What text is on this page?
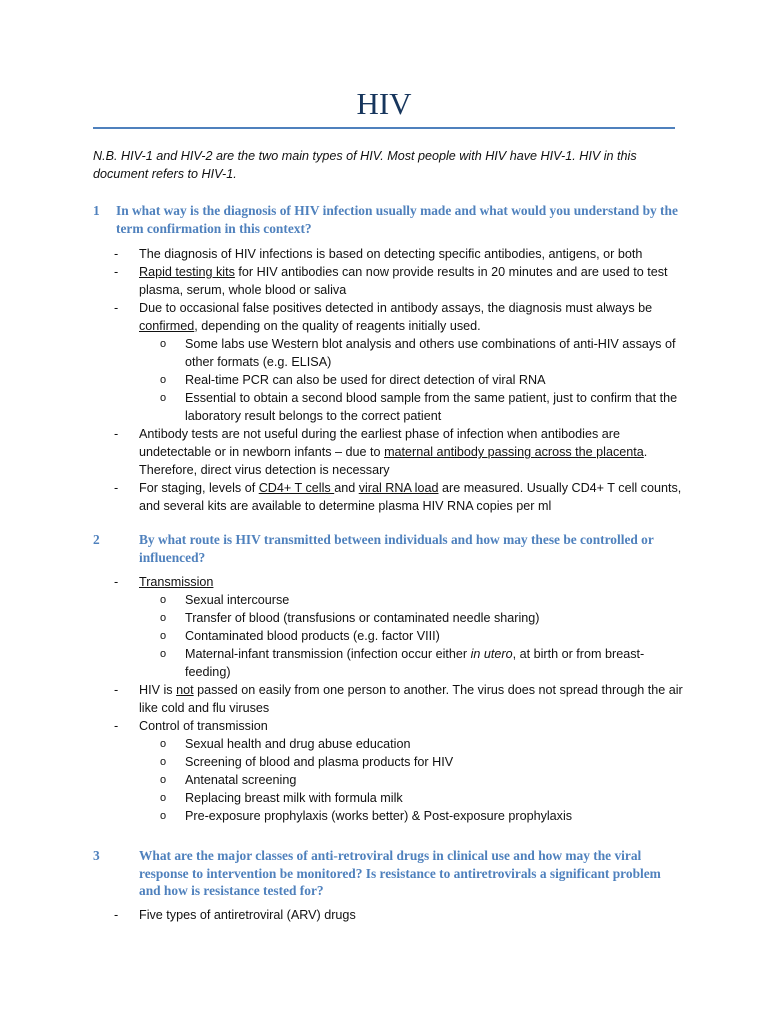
HIV
N.B. HIV-1 and HIV-2 are the two main types of HIV. Most people with HIV have HIV-1. HIV in this document refers to HIV-1.
1 In what way is the diagnosis of HIV infection usually made and what would you understand by the term confirmation in this context?

- The diagnosis of HIV infections is based on detecting specific antibodies, antigens, or both

- Rapid testing kits for HIV antibodies can now provide results in 20 minutes and are used to test plasma, serum, whole blood or saliva

- Due to occasional false positives detected in antibody assays, the diagnosis must always be confirmed, depending on the quality of reagents initially used.

o Some labs use Western blot analysis and others use combinations of anti-HIV assays of other formats (e.g. ELISA)

o Real-time PCR can also be used for direct detection of viral RNA

o Essential to obtain a second blood sample from the same patient, just to confirm that the laboratory result belongs to the correct patient

- Antibody tests are not useful during the earliest phase of infection when antibodies are undetectable or in newborn infants – due to maternal antibody passing across the placenta. Therefore, direct virus detection is necessary

- For staging, levels of CD4+ T cells and viral RNA load are measured. Usually CD4+ T cell counts, and several kits are available to determine plasma HIV RNA copies per ml

2	By what route is HIV transmitted between individuals and how may these be controlled or influenced?

- Transmission

o Sexual intercourse

o Transfer of blood (transfusions or contaminated needle sharing)

o Contaminated blood products (e.g. factor VIII)

o Maternal-infant transmission (infection occur either in utero, at birth or from breast-feeding)

- HIV is not passed on easily from one person to another. The virus does not spread through the air like cold and flu viruses

- Control of transmission

o Sexual health and drug abuse education

o Screening of blood and plasma products for HIV

o Antenatal screening

o Replacing breast milk with formula milk

o Pre-exposure prophylaxis (works better) & Post-exposure prophylaxis

3	What are the major classes of anti-retroviral drugs in clinical use and how may the viral response to intervention be monitored? Is resistance to antiretrovirals a significant problem and how is resistance tested for?

- Five types of antiretroviral (ARV) drugs
